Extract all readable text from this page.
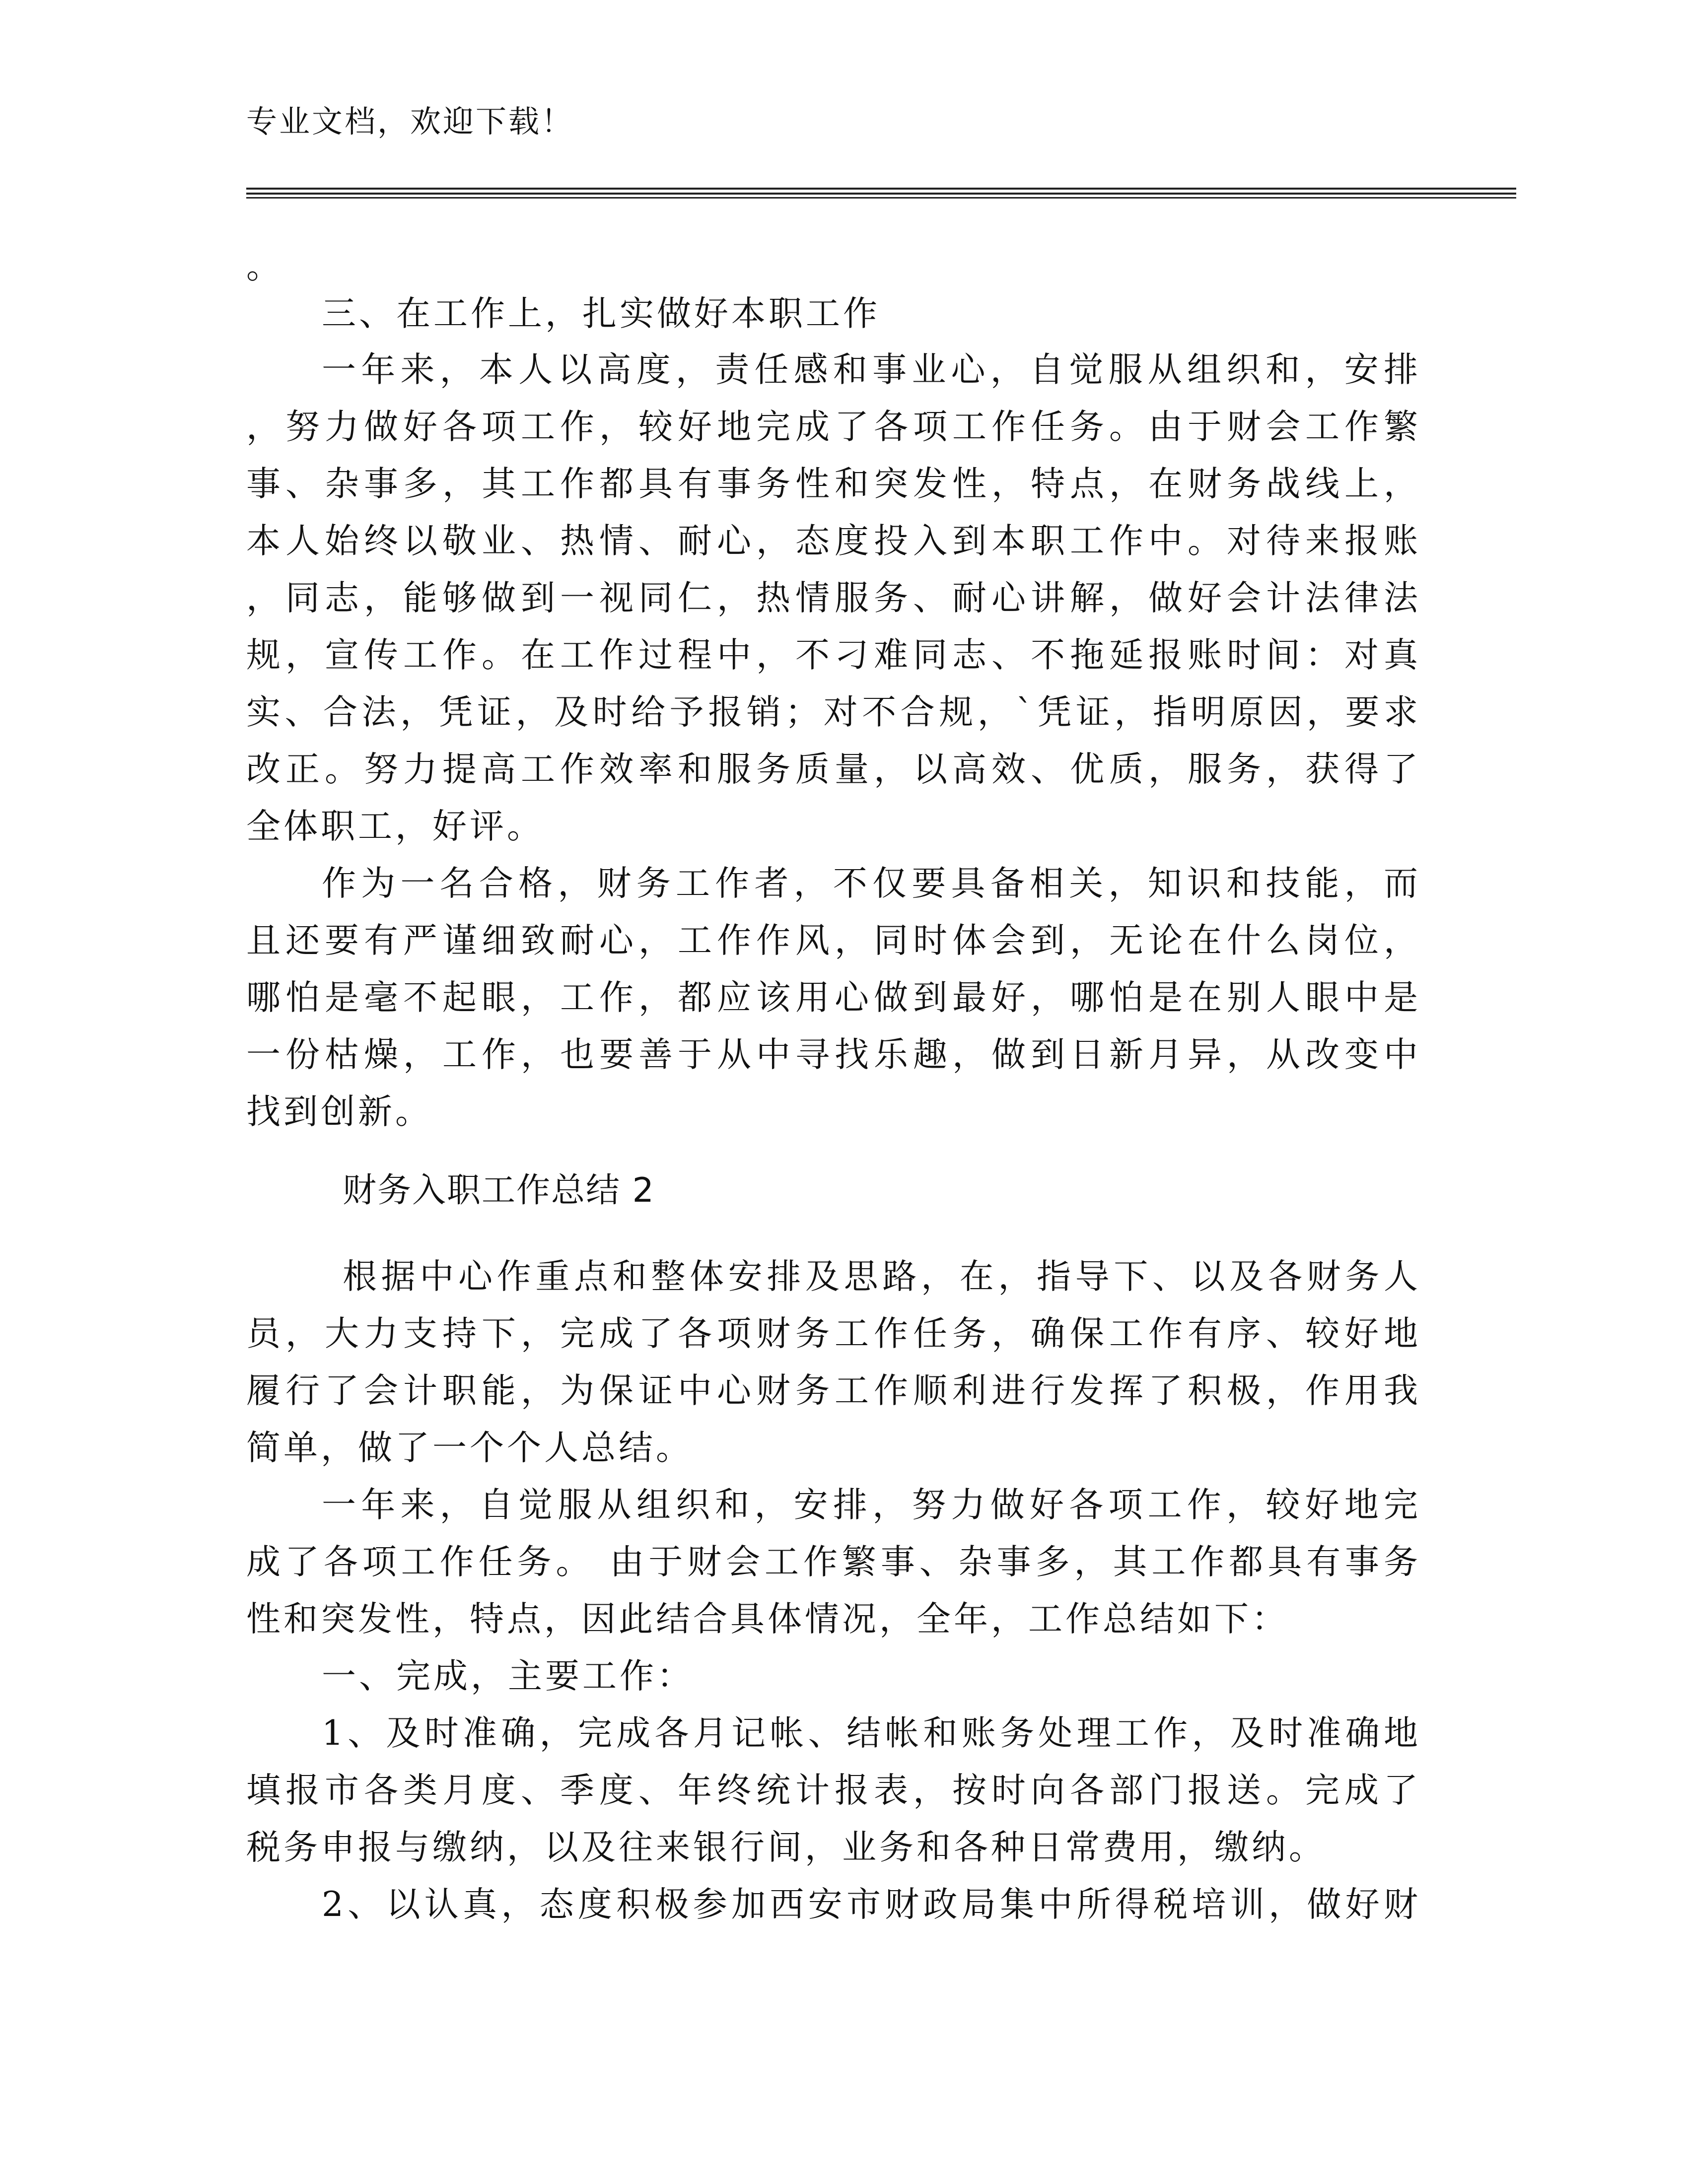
专业文档，欢迎下载！
。
三、在工作上，扎实做好本职工作
一年来，本人以高度，责任感和事业心，自觉服从组织和，安排
，努力做好各项工作，较好地完成了各项工作任务。由于财会工作繁
事、杂事多，其工作都具有事务性和突发性，特点，在财务战线上，
本人始终以敬业、热情、耐心，态度投入到本职工作中。对待来报账
，同志，能够做到一视同仁，热情服务、耐心讲解，做好会计法律法
规，宣传工作。在工作过程中，不刁难同志、不拖延报账时间：对真
实、合法，凭证，及时给予报销；对不合规，`凭证，指明原因，要求
改正。努力提高工作效率和服务质量，以高效、优质，服务，获得了
全体职工，好评。
作为一名合格，财务工作者，不仅要具备相关，知识和技能，而
且还要有严谨细致耐心，工作作风，同时体会到，无论在什么岗位，
哪怕是毫不起眼，工作，都应该用心做到最好，哪怕是在别人眼中是
一份枯燥，工作，也要善于从中寻找乐趣，做到日新月异，从改变中
找到创新。
财务入职工作总结 2
根据中心作重点和整体安排及思路，在，指导下、以及各财务人
员，大力支持下，完成了各项财务工作任务，确保工作有序、较好地
履行了会计职能，为保证中心财务工作顺利进行发挥了积极，作用我
简单，做了一个个人总结。
一年来，自觉服从组织和，安排，努力做好各项工作，较好地完
成了各项工作任务。 由于财会工作繁事、杂事多，其工作都具有事务
性和突发性，特点，因此结合具体情况，全年，工作总结如下：
一、完成，主要工作：
1、及时准确，完成各月记帐、结帐和账务处理工作，及时准确地
填报市各类月度、季度、年终统计报表，按时向各部门报送。完成了
税务申报与缴纳，以及往来银行间，业务和各种日常费用，缴纳。
2、以认真，态度积极参加西安市财政局集中所得税培训，做好财
